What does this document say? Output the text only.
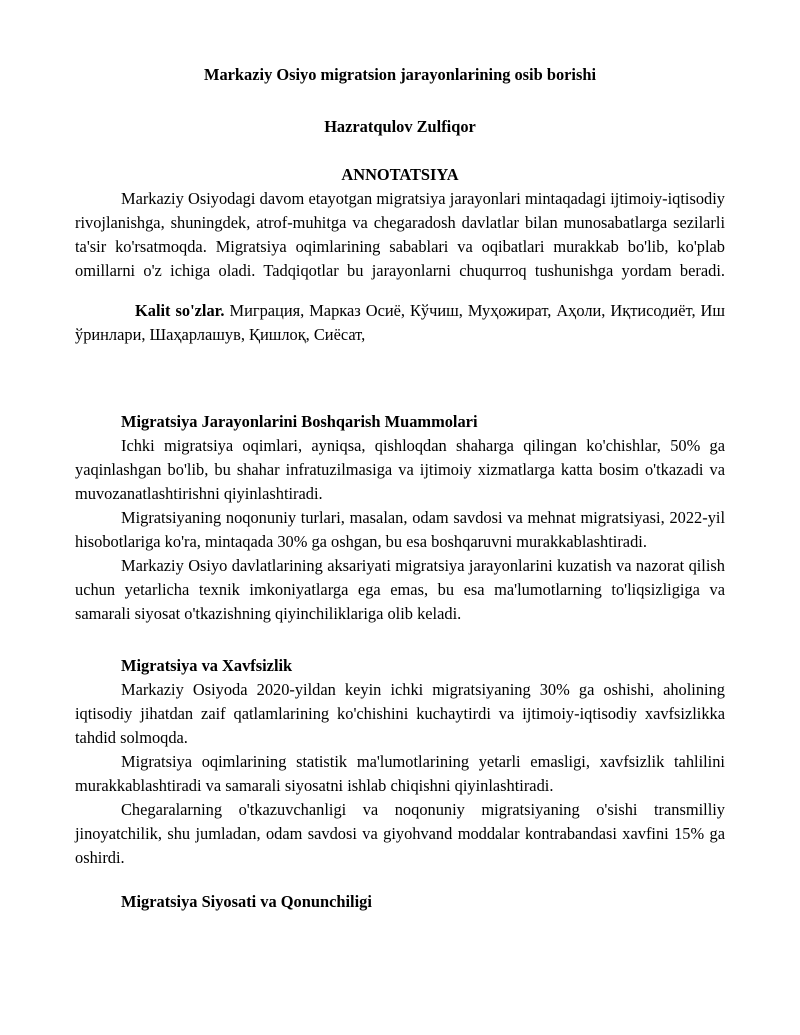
Markaziy Osiyo migratsion jarayonlarining osib borishi

Hazratqulov Zulfiqor

ANNOTATSIYA

Markaziy Osiyodagi davom etayotgan migratsiya jarayonlari mintaqadagi ijtimoiy-iqtisodiy rivojlanishga, shuningdek, atrof-muhitga va chegaradosh davlatlar bilan munosabatlarga sezilarli ta'sir ko'rsatmoqda. Migratsiya oqimlarining sabablari va oqibatlari murakkab bo'lib, ko'plab omillarni o'z ichiga oladi. Tadqiqotlar bu jarayonlarni chuqurroq tushunishga yordam beradi.

Kalit so'zlar. Миграция, Марказ Осиё, Кўчиш, Муҳожират, Аҳоли, Иқтисодиёт, Иш ўринлари, Шаҳарлашув, Қишлоқ, Сиёсат,

Migratsiya Jarayonlarini Boshqarish Muammolari

Ichki migratsiya oqimlari, ayniqsa, qishloqdan shaharga qilingan ko'chishlar, 50% ga yaqinlashgan bo'lib, bu shahar infratuzilmasiga va ijtimoiy xizmatlarga katta bosim o'tkazadi va muvozanatlashtirishni qiyinlashtiradi.

Migratsiyaning noqonuniy turlari, masalan, odam savdosi va mehnat migratsiyasi, 2022-yil hisobotlariga ko'ra, mintaqada 30% ga oshgan, bu esa boshqaruvni murakkablashtiradi.

Markaziy Osiyo davlatlarining aksariyati migratsiya jarayonlarini kuzatish va nazorat qilish uchun yetarlicha texnik imkoniyatlarga ega emas, bu esa ma'lumotlarning to'liqsizligiga va samarali siyosat o'tkazishning qiyinchiliklariga olib keladi.

Migratsiya va Xavfsizlik

Markaziy Osiyoda 2020-yildan keyin ichki migratsiyaning 30% ga oshishi, aholining iqtisodiy jihatdan zaif qatlamlarining ko'chishini kuchaytirdi va ijtimoiy-iqtisodiy xavfsizlikka tahdid solmoqda.

Migratsiya oqimlarining statistik ma'lumotlarining yetarli emasligi, xavfsizlik tahlilini murakkablashtiradi va samarali siyosatni ishlab chiqishni qiyinlashtiradi.

Chegaralarning o'tkazuvchanligi va noqonuniy migratsiyaning o'sishi transmilliy jinoyatchilik, shu jumladan, odam savdosi va giyohvand moddalar kontrabandasi xavfini 15% ga oshirdi.

Migratsiya Siyosati va Qonunchiligi
